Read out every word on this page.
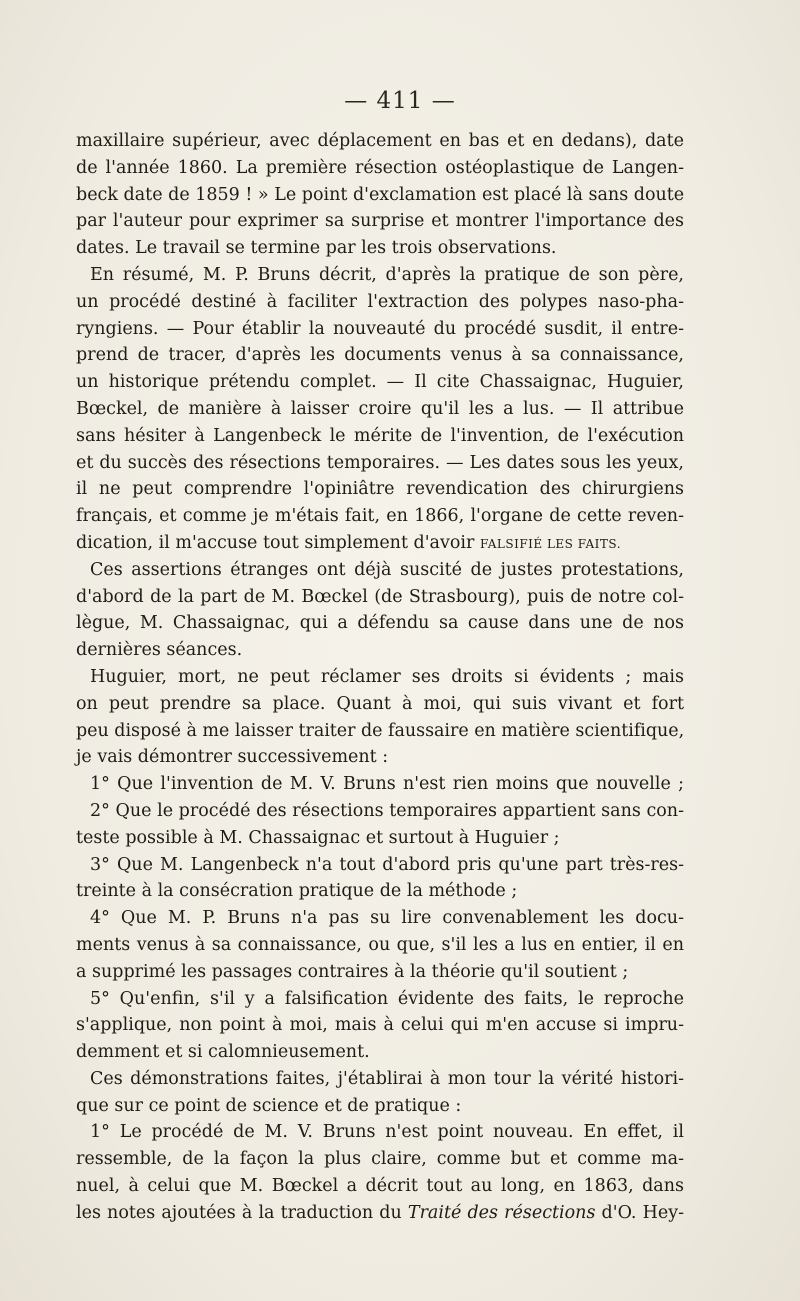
— 411 —
maxillaire supérieur, avec déplacement en bas et en dedans), date
de l'année 1860. La première résection ostéoplastique de Langen-
beck date de 1859 ! » Le point d'exclamation est placé là sans doute
par l'auteur pour exprimer sa surprise et montrer l'importance des
dates. Le travail se termine par les trois observations.
En résumé, M. P. Bruns décrit, d'après la pratique de son père,
un procédé destiné à faciliter l'extraction des polypes naso-pha-
ryngiens. — Pour établir la nouveauté du procédé susdit, il entre-
prend de tracer, d'après les documents venus à sa connaissance,
un historique prétendu complet. — Il cite Chassaignac, Huguier,
Bœckel, de manière à laisser croire qu'il les a lus. — Il attribue
sans hésiter à Langenbeck le mérite de l'invention, de l'exécution
et du succès des résections temporaires. — Les dates sous les yeux,
il ne peut comprendre l'opiniâtre revendication des chirurgiens
français, et comme je m'étais fait, en 1866, l'organe de cette reven-
dication, il m'accuse tout simplement d'avoir FALSIFIÉ LES FAITS.
Ces assertions étranges ont déjà suscité de justes protestations,
d'abord de la part de M. Bœckel (de Strasbourg), puis de notre col-
lègue, M. Chassaignac, qui a défendu sa cause dans une de nos
dernières séances.
Huguier, mort, ne peut réclamer ses droits si évidents ; mais
on peut prendre sa place. Quant à moi, qui suis vivant et fort
peu disposé à me laisser traiter de faussaire en matière scientifique,
je vais démontrer successivement :
1° Que l'invention de M. V. Bruns n'est rien moins que nouvelle ;
2° Que le procédé des résections temporaires appartient sans con-
teste possible à M. Chassaignac et surtout à Huguier ;
3° Que M. Langenbeck n'a tout d'abord pris qu'une part très-res-
treinte à la consécration pratique de la méthode ;
4° Que M. P. Bruns n'a pas su lire convenablement les docu-
ments venus à sa connaissance, ou que, s'il les a lus en entier, il en
a supprimé les passages contraires à la théorie qu'il soutient ;
5° Qu'enfin, s'il y a falsification évidente des faits, le reproche
s'applique, non point à moi, mais à celui qui m'en accuse si impru-
demment et si calomnieusement.
Ces démonstrations faites, j'établirai à mon tour la vérité histori-
que sur ce point de science et de pratique :
1° Le procédé de M. V. Bruns n'est point nouveau. En effet, il
ressemble, de la façon la plus claire, comme but et comme ma-
nuel, à celui que M. Bœckel a décrit tout au long, en 1863, dans
les notes ajoutées à la traduction du Traité des résections d'O. Hey-
